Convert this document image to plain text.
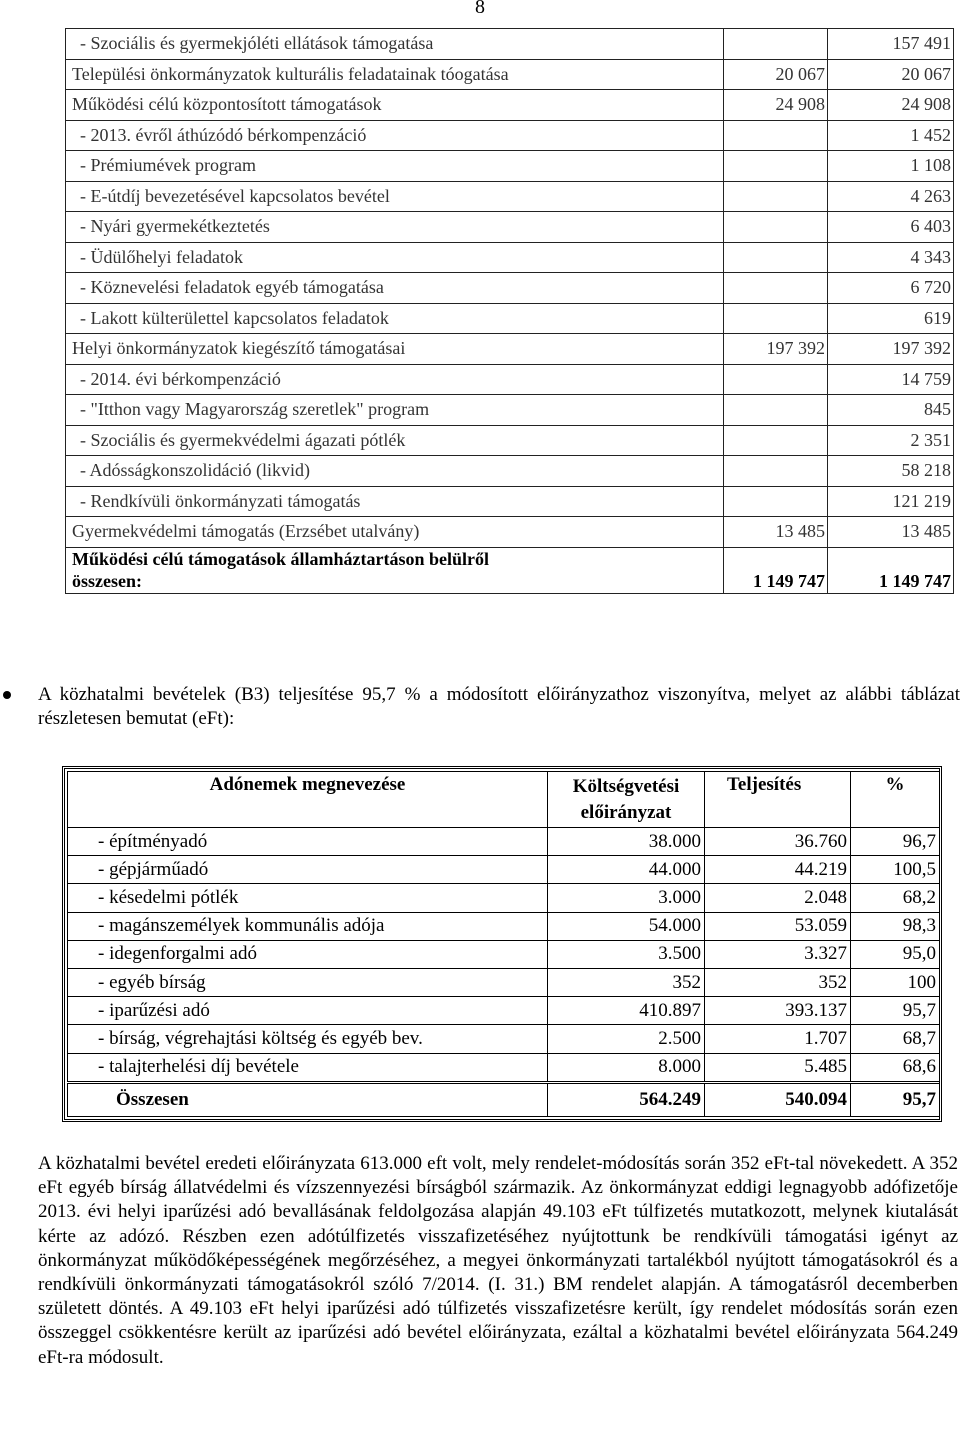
8
- Szociális és gyermekjóléti ellátások támogatása		157 491
Települési önkormányzatok kulturális feladatainak tóogatása	20 067	20 067
Működési célú központosított támogatások	24 908	24 908
- 2013. évről áthúzódó bérkompenzáció		1 452
- Prémiumévek program		1 108
- E-útdíj bevezetésével kapcsolatos bevétel		4 263
- Nyári gyermekétkeztetés		6 403
- Üdülőhelyi feladatok		4 343
- Köznevelési feladatok egyéb támogatása		6 720
- Lakott külterülettel kapcsolatos feladatok		619
Helyi önkormányzatok kiegészítő támogatásai	197 392	197 392
- 2014. évi bérkompenzáció		14 759
- "Itthon vagy Magyarország szeretlek" program		845
- Szociális és gyermekvédelmi ágazati pótlék		2 351
- Adósságkonszolidáció (likvid)		58 218
- Rendkívüli önkormányzati támogatás		121 219
Gyermekvédelmi támogatás (Erzsébet utalvány)	13 485	13 485
Működési célú támogatások államháztartáson belülről
összesen:	1 149 747	1 149 747

A közhatalmi bevételek (B3) teljesítése 95,7 % a módosított előirányzathoz viszonyítva, melyet az alábbi táblázat részletesen bemutat (eFt):

Adónemek megnevezése	Költségvetési előirányzat	Teljesítés	%
- építményadó	38.000	36.760	96,7
- gépjárműadó	44.000	44.219	100,5
- késedelmi pótlék	3.000	2.048	68,2
- magánszemélyek kommunális adója	54.000	53.059	98,3
- idegenforgalmi adó	3.500	3.327	95,0
- egyéb bírság	352	352	100
- iparűzési adó	410.897	393.137	95,7
- bírság, végrehajtási költség és egyéb bev.	2.500	1.707	68,7
- talajterhelési díj bevétele	8.000	5.485	68,6
Összesen	564.249	540.094	95,7

A közhatalmi bevétel eredeti előirányzata 613.000 eft volt, mely rendelet-módosítás során 352 eFt-tal növekedett. A 352 eFt egyéb bírság állatvédelmi és vízszennyezési bírságból származik. Az önkormányzat eddigi legnagyobb adófizetője 2013. évi helyi iparűzési adó bevallásának feldolgozása alapján 49.103 eFt túlfizetés mutatkozott, melynek kiutalását kérte az adózó. Részben ezen adótúlfizetés visszafizetéséhez nyújtottunk be rendkívüli támogatási igényt az önkormányzat működőképességének megőrzéséhez, a megyei önkormányzati tartalékból nyújtott támogatásokról és a rendkívüli önkormányzati támogatásokról szóló 7/2014. (I. 31.) BM rendelet alapján. A támogatásról decemberben született döntés. A 49.103 eFt helyi iparűzési adó túlfizetés visszafizetésre került, így rendelet módosítás során ezen összeggel csökkentésre került az iparűzési adó bevétel előirányzata, ezáltal a közhatalmi bevétel előirányzata 564.249 eFt-ra módosult.
